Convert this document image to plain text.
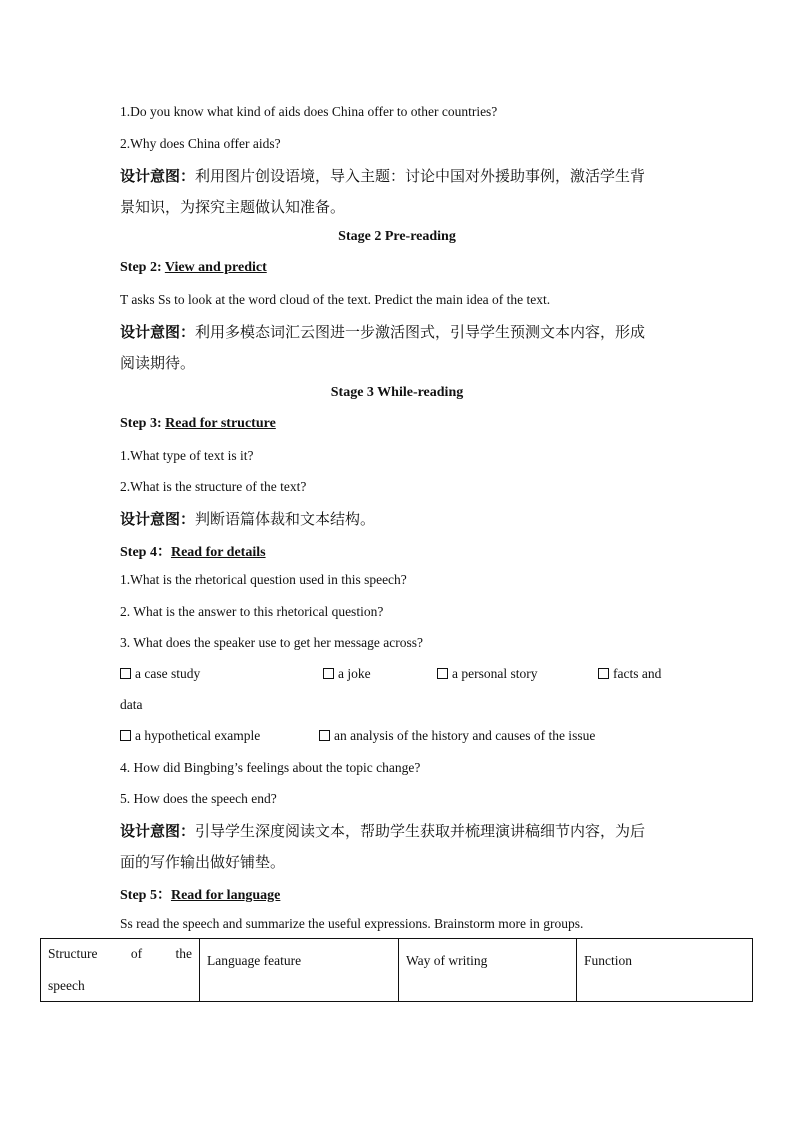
1.Do you know what kind of aids does China offer to other countries?
2.Why does China offer aids?
设计意图：利用图片创设语境，导入主题：讨论中国对外援助事例，激活学生背
景知识，为探究主题做认知准备。
Stage 2 Pre-reading
Step 2: View and predict
T asks Ss to look at the word cloud of the text. Predict the main idea of the text.
设计意图：利用多模态词汇云图进一步激活图式，引导学生预测文本内容，形成
阅读期待。
Stage 3 While-reading
Step 3: Read for structure
1.What type of text is it?
2.What is the structure of the text?
设计意图：判断语篇体裁和文本结构。
Step 4：Read for details
1.What is the rhetorical question used in this speech?
2. What is the answer to this rhetorical question?
3. What does the speaker use to get her message across?
a case study	a joke	a personal story	facts and
data
a hypothetical example	an analysis of the history and causes of the issue
4. How did Bingbing’s feelings about the topic change?
5. How does the speech end?
设计意图：引导学生深度阅读文本，帮助学生获取并梳理演讲稿细节内容，为后
面的写作输出做好铺垫。
Step 5：Read for language
Ss read the speech and summarize the useful expressions. Brainstorm more in groups.
Structure of the
speech
	Language feature	Way of writing	Function
